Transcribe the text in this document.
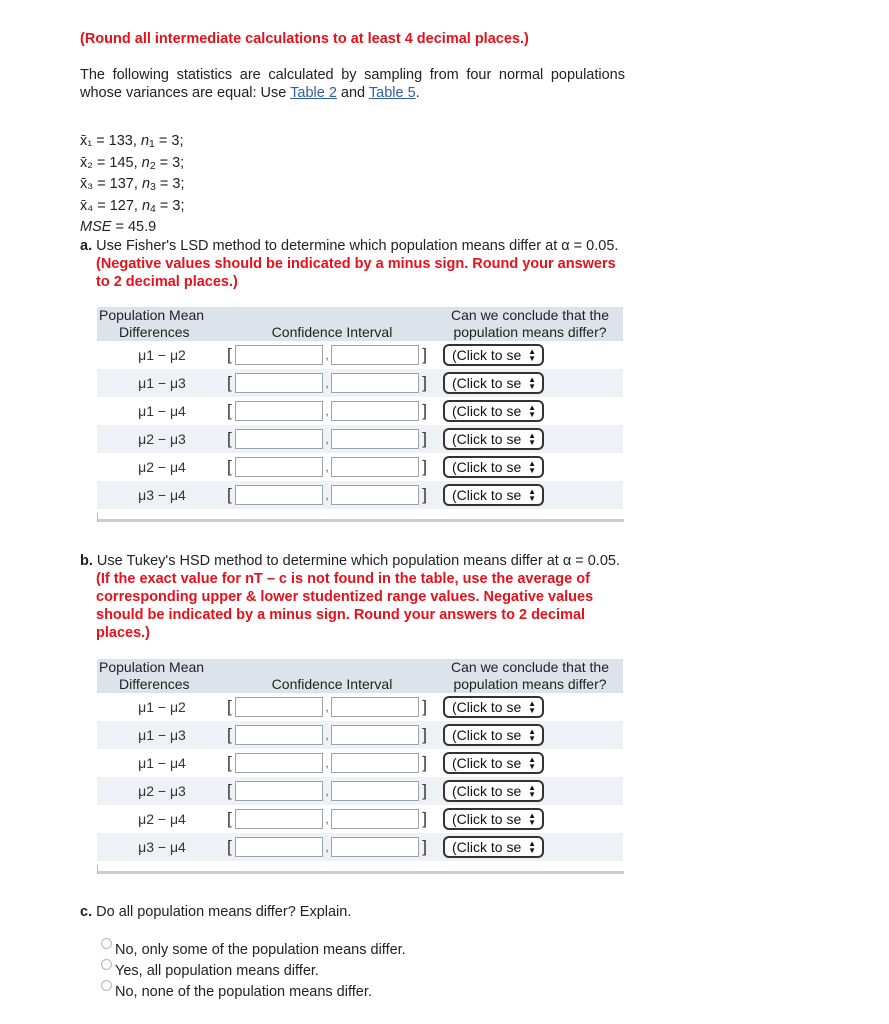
(Round all intermediate calculations to at least 4 decimal places.)
The following statistics are calculated by sampling from four normal populations whose variances are equal: Use Table 2 and Table 5.
x̄₁ = 133, n1 = 3;
x̄₂ = 145, n2 = 3;
x̄₃ = 137, n3 = 3;
x̄₄ = 127, n4 = 3;
MSE = 45.9
a. Use Fisher's LSD method to determine which population means differ at α = 0.05.
(Negative values should be indicated by a minus sign. Round your answers to 2 decimal places.)
Population Mean
Differences	Confidence Interval	Can we conclude that the
population means differ?

μ1 − μ2	[ , ]	(Click to se ▲
▼

μ1 − μ3	[ , ]	(Click to se ▲
▼

μ1 − μ4	[ , ]	(Click to se ▲
▼

μ2 − μ3	[ , ]	(Click to se ▲
▼

μ2 − μ4	[ , ]	(Click to se ▲
▼

μ3 − μ4	[ , ]	(Click to se ▲
▼
b. Use Tukey's HSD method to determine which population means differ at α = 0.05.
(If the exact value for nT – c is not found in the table, use the average of corresponding upper & lower studentized range values. Negative values should be indicated by a minus sign. Round your answers to 2 decimal places.)
Population Mean
Differences	Confidence Interval	Can we conclude that the
population means differ?

μ1 − μ2	[ , ]	(Click to se ▲
▼

μ1 − μ3	[ , ]	(Click to se ▲
▼

μ1 − μ4	[ , ]	(Click to se ▲
▼

μ2 − μ3	[ , ]	(Click to se ▲
▼

μ2 − μ4	[ , ]	(Click to se ▲
▼

μ3 − μ4	[ , ]	(Click to se ▲
▼
c. Do all population means differ? Explain.
No, only some of the population means differ.
Yes, all population means differ.
No, none of the population means differ.
